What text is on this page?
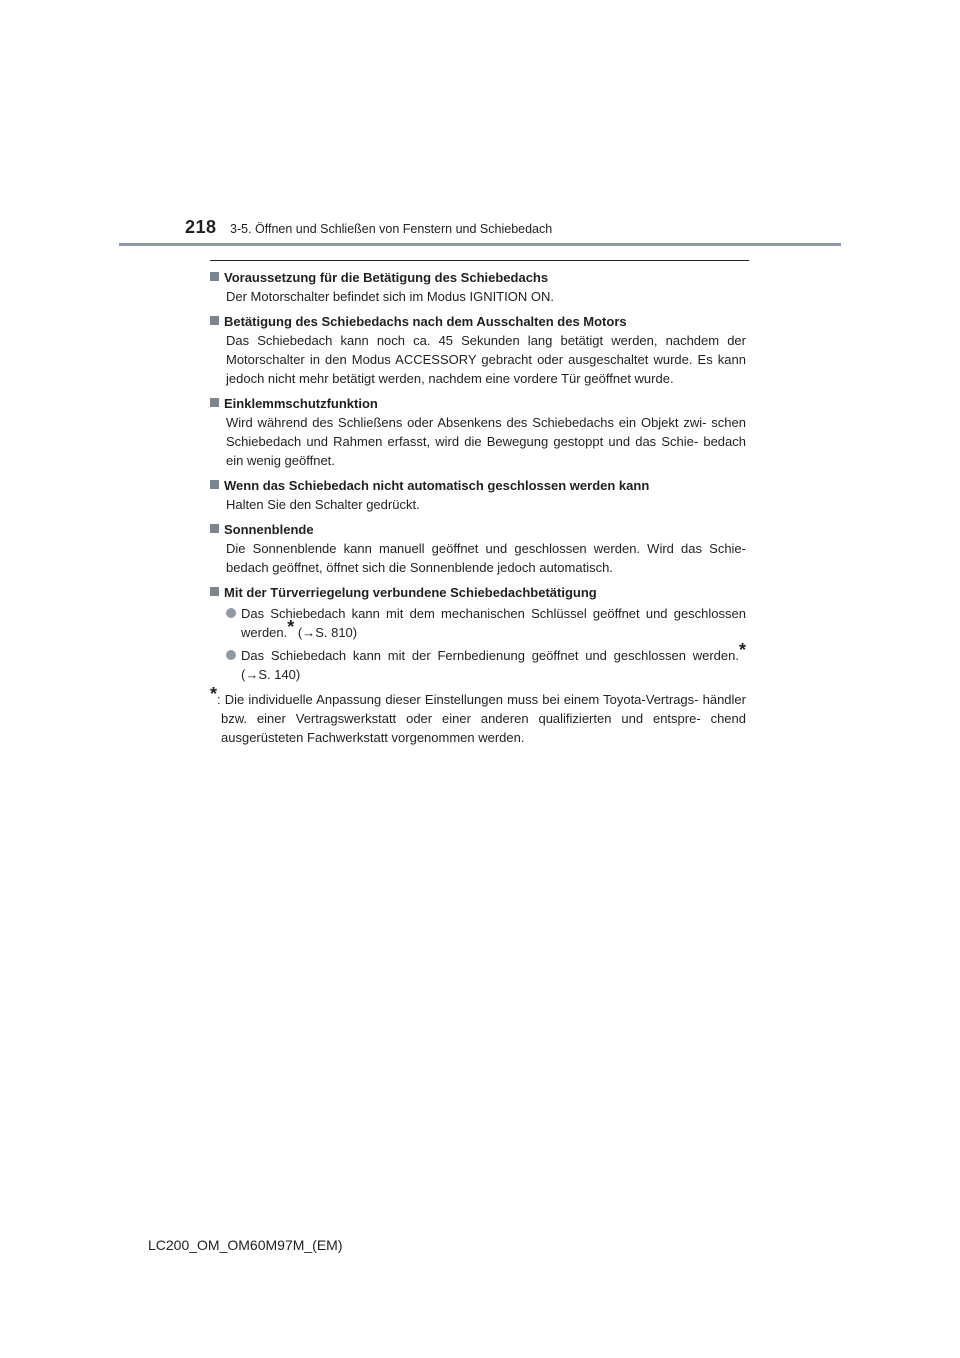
218 3-5. Öffnen und Schließen von Fenstern und Schiebedach
Voraussetzung für die Betätigung des Schiebedachs
Der Motorschalter befindet sich im Modus IGNITION ON.
Betätigung des Schiebedachs nach dem Ausschalten des Motors
Das Schiebedach kann noch ca. 45 Sekunden lang betätigt werden, nachdem der Motorschalter in den Modus ACCESSORY gebracht oder ausgeschaltet wurde. Es kann jedoch nicht mehr betätigt werden, nachdem eine vordere Tür geöffnet wurde.
Einklemmschutzfunktion
Wird während des Schließens oder Absenkens des Schiebedachs ein Objekt zwi- schen Schiebedach und Rahmen erfasst, wird die Bewegung gestoppt und das Schie- bedach ein wenig geöffnet.
Wenn das Schiebedach nicht automatisch geschlossen werden kann
Halten Sie den Schalter gedrückt.
Sonnenblende
Die Sonnenblende kann manuell geöffnet und geschlossen werden. Wird das Schie- bedach geöffnet, öffnet sich die Sonnenblende jedoch automatisch.
Mit der Türverriegelung verbundene Schiebedachbetätigung
Das Schiebedach kann mit dem mechanischen Schlüssel geöffnet und geschlossen werden.* (→S. 810)
Das Schiebedach kann mit der Fernbedienung geöffnet und geschlossen werden.* (→S. 140)
*: Die individuelle Anpassung dieser Einstellungen muss bei einem Toyota-Vertrags- händler bzw. einer Vertragswerkstatt oder einer anderen qualifizierten und entspre- chend ausgerüsteten Fachwerkstatt vorgenommen werden.
LC200_OM_OM60M97M_(EM)
